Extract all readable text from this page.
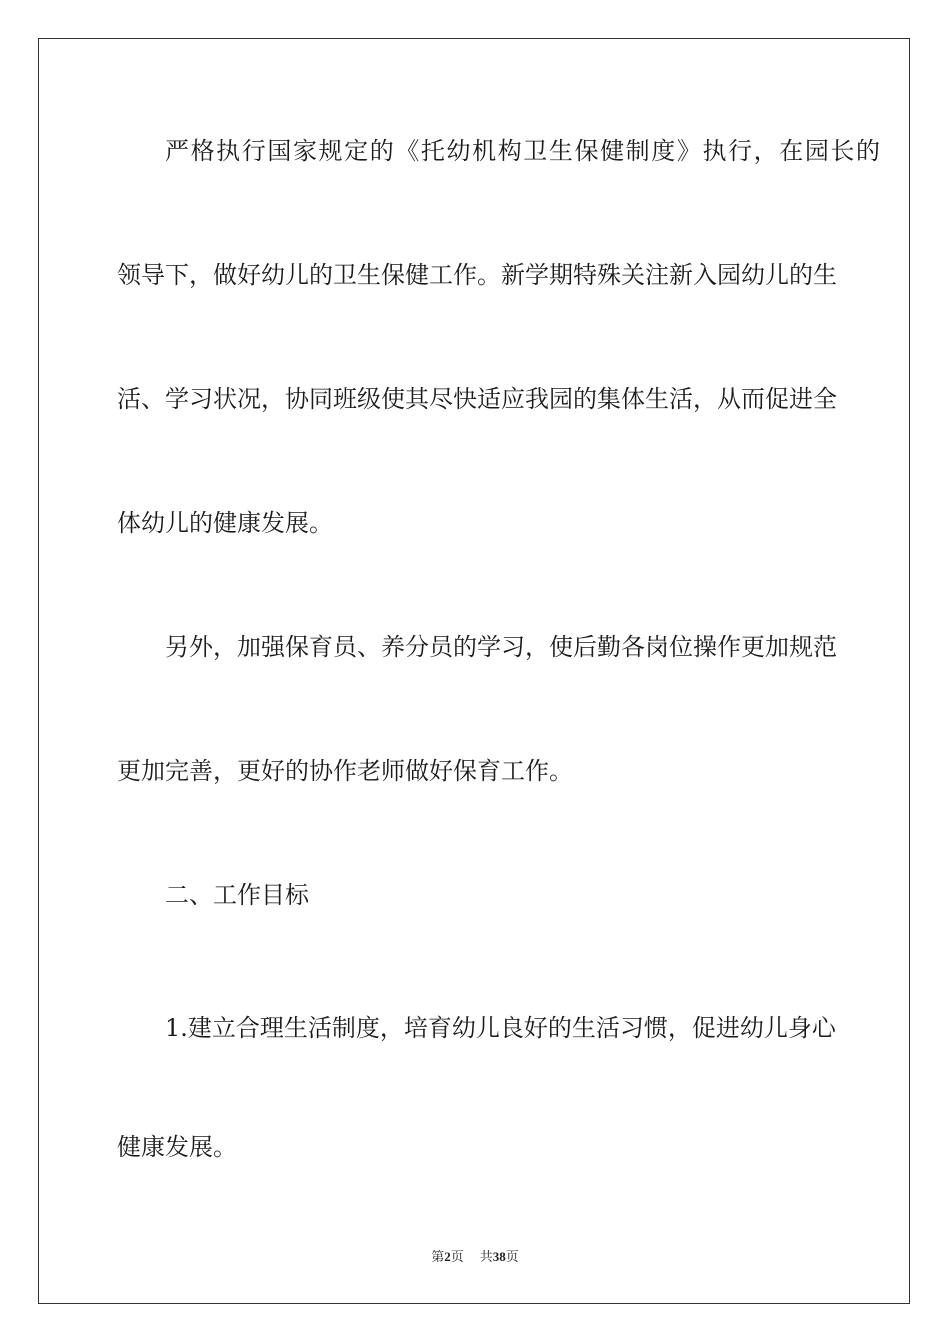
严格执行国家规定的《托幼机构卫生保健制度》执行，在园长的
领导下，做好幼儿的卫生保健工作。新学期特殊关注新入园幼儿的生
活、学习状况，协同班级使其尽快适应我园的集体生活，从而促进全
体幼儿的健康发展。
另外，加强保育员、养分员的学习，使后勤各岗位操作更加规范
更加完善，更好的协作老师做好保育工作。
二、工作目标
1.建立合理生活制度，培育幼儿良好的生活习惯，促进幼儿身心
健康发展。
第2页 共38页
